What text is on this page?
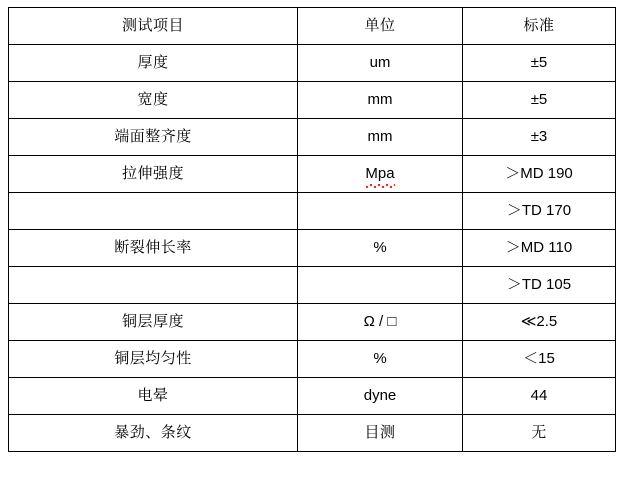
测试项目	单位	标准
厚度	um	±5
宽度	mm	±5
端面整齐度	mm	±3
拉伸强度	Mpa	＞MD 190
		＞TD 170
断裂伸长率	%	＞MD 110
		＞TD 105
铜层厚度	Ω / □	≪2.5
铜层均匀性	%	＜15
电晕	dyne	44
暴劲、条纹	目测	无
